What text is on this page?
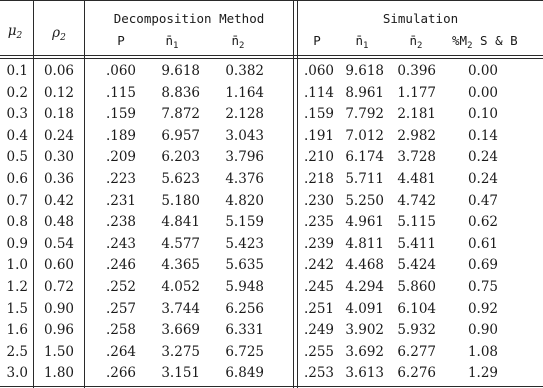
$\mu_2$	$\rho_2$
Decomposition Method	Simulation
P	$n̄_1$	$n̄_2$	P	$n̄_1$	$n̄_2$	$\%M_2$ S & B
0.1	0.06	.060	9.618	0.382	.060 9.618 0.396	0.00
0.2	0.12	.115	8.836	1.164	.114 8.961 1.177	0.00
0.3	0.18	.159	7.872	2.128	.159 7.792 2.181	0.10
0.4	0.24	.189	6.957	3.043	.191 7.012 2.982	0.14
0.5	0.30	.209	6.203	3.796	.210 6.174 3.728	0.24
0.6	0.36	.223	5.623	4.376	.218 5.711 4.481	0.24
0.7	0.42	.231	5.180	4.820	.230 5.250 4.742	0.47
0.8	0.48	.238	4.841	5.159	.235 4.961 5.115	0.62
0.9	0.54	.243	4.577	5.423	.239 4.811 5.411	0.61
1.0	0.60	.246	4.365	5.635	.242 4.468 5.424	0.69
1.2	0.72	.252	4.052	5.948	.245 4.294 5.860	0.75
1.5	0.90	.257	3.744	6.256	.251 4.091 6.104	0.92
1.6	0.96	.258	3.669	6.331	.249 3.902 5.932	0.90
2.5	1.50	.264	3.275	6.725	.255 3.692 6.277	1.08
3.0	1.80	.266	3.151	6.849	.253 3.613 6.276	1.29
